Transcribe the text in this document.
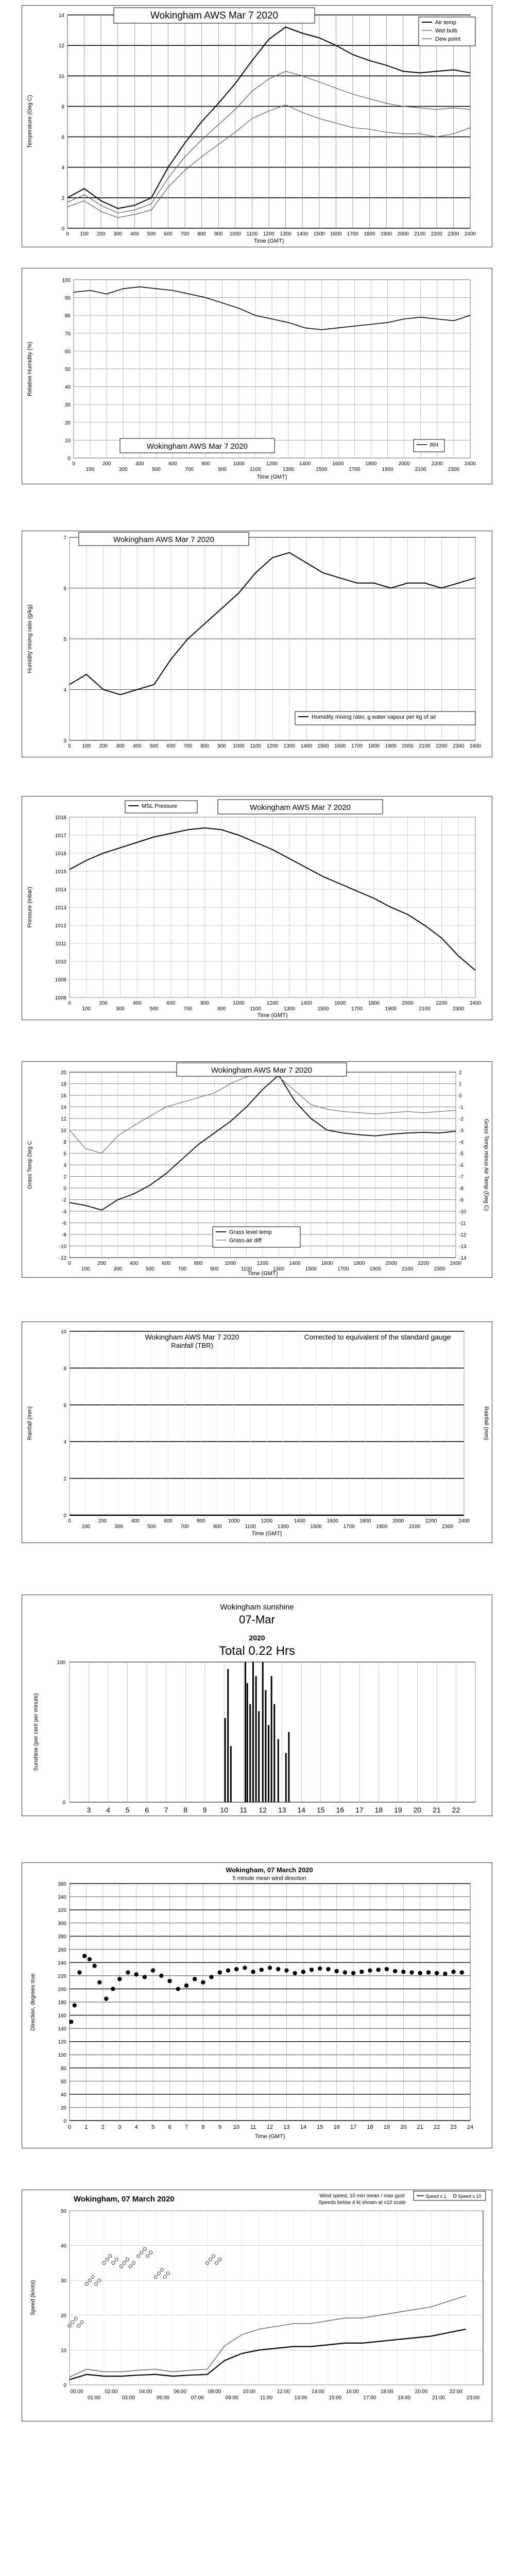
0
2
4
6
8
10
12
14
0 100 200 300 400 500 600 700 800 900 1000 1100 1200 1300 1400 1500 1600 1700 1800 1900 2000 2100 2200 2300 2400
Temperature (Deg C)
Time (GMT)
Wokingham AWS Mar 7 2020
Air temp
Wet bulb
Dew point
0
10
20
30
40
50
60
70
80
90
100
0
100
200
300
400
500
600
700
800
900
1000
1100
1200
1300
1400
1500
1600
1700
1800
1900
2000
2100
2200
2300
2400
Relative Humidity (%)
Time (GMT)
Wokingham AWS Mar 7 2020	RH
3
4
5
6
7
0 100 200 300 400 500 600 700 800 900 1000 1100 1200 1300 1400 1500 1600 1700 1800 1900 2000 2100 2200 2300 2400
Humidity mixing ratio (g/kg)
Wokingham AWS Mar 7 2020
Humidity mixing ratio, g water vapour per kg of air
1008
1009
1010
1011
1012
1013
1014
1015
1016
1017
1018
0
100
200
300
400
500
600
700
800
900
1000
1100
1200
1300
1400
1500
1600
1700
1800
1900
2000
2100
2200
2300
2400
Pressure (mbar)
Time (GMT)
Wokingham AWS Mar 7 2020
MSL Pressure
-12
-10
-8
-6
-4
-2
0
2
4
6
8
10
12
14
16
18
20
-14
-13
-12
-11
-10
-9
-8
-7
-6
-5
-4
-3
-2
-1
0
1
2
0
100
200
300
400
500
600
700
800
900
1000
1100
1200
1300
1400
1500
1600
1700
1800
1900
2000
2100
2200
2300
2400
Grass Temp Deg C	Grass Temp minus Air Temp (Deg C)
Time (GMT)
Wokingham AWS Mar 7 2020
Grass level temp
Grass-air diff
0
2
4
6
8
10
0
100
200
300
400
500
600
700
800
900
1000
1100
1200
1300
1400
1500
1600
1700
1800
1900
2000
2100
2200
2300
2400
Rainfall (mm)	Rainfall (mm)
Time (GMT)
Wokingham AWS Mar 7 2020
Rainfall (TBR)
Corrected to equivalent of the standard gauge
3 4 5 6 7 8 9 10 11 12 13 14 15 16 17 18 19 20 21 22
0
100
Wokingham sunshine
07-Mar
2020
Total 0.22 Hrs
Sunshine (per cent per minute)
0
20
40
60
80
100
120
140
160
180
200
220
240
260
280
300
320
340
360
0 1 2 3 4 5 6 7 8 9 10 11 12 13 14 15 16 17 18 19 20 21 22 23 24
Wokingham, 07 March 2020
5 minute mean wind direction
Direction, degrees true
Time (GMT)
0
10
20
30
40
50
00:00
01:00
02:00
03:00
04:00
05:00
06:00
07:00
08:00
09:00
10:00
11:00
12:00
13:00
14:00
15:00
16:00
17:00
18:00
19:00
20:00
21:00
22:00
23:00
Wokingham, 07 March 2020	Wind speed, 10 min mean / max gust
Speeds below 4 kt shown at x10 scale
Speed (knots)
Speed x 1 Speed x 10
